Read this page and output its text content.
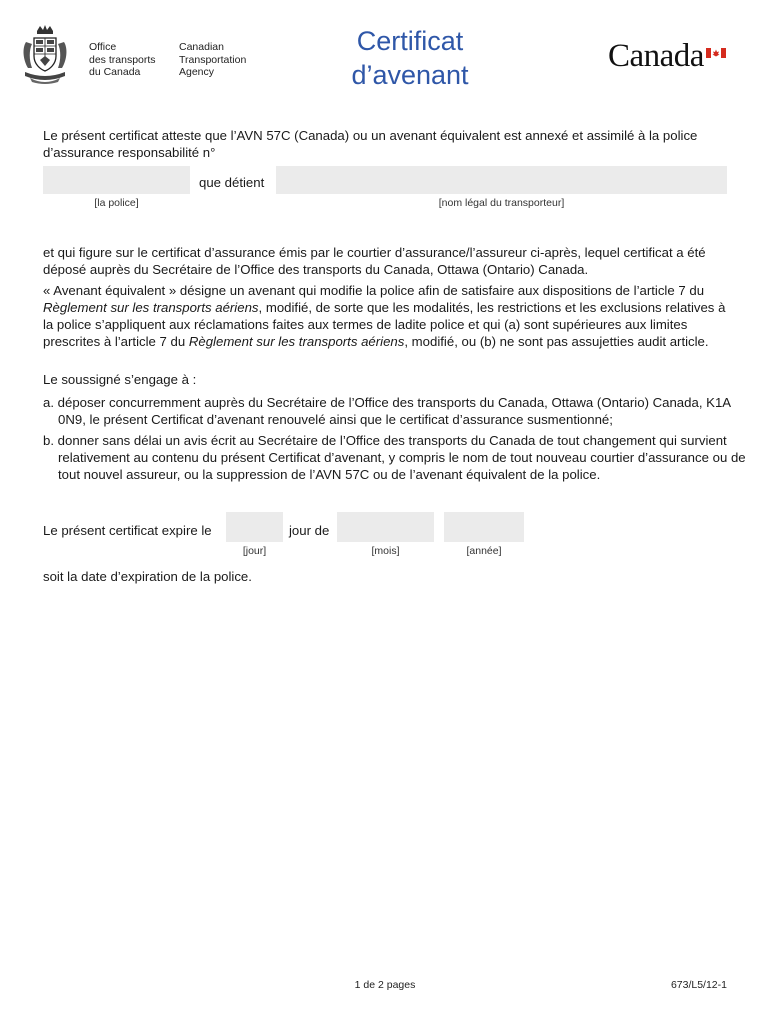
Office
des transports
du Canada
Canadian
Transportation
Agency
Certificat
d’avenant
Canada
Le présent certificat atteste que l’AVN 57C (Canada) ou un avenant équivalent est annexé et assimilé à la police d’assurance responsabilité n°
que détient
[la police]	[nom légal du transporteur]
et qui figure sur le certificat d’assurance émis par le courtier d’assurance/l’assureur ci-après, lequel certificat a été déposé auprès du Secrétaire de l’Office des transports du Canada, Ottawa (Ontario) Canada.
« Avenant équivalent » désigne un avenant qui modifie la police afin de satisfaire aux dispositions de l’article 7 du Règlement sur les transports aériens, modifié, de sorte que les modalités, les restrictions et les exclusions relatives à la police s’appliquent aux réclamations faites aux termes de ladite police et qui (a) sont supérieures aux limites prescrites à l’article 7 du Règlement sur les transports aériens, modifié, ou (b) ne sont pas assujetties audit article.
Le soussigné s’engage à :
a. déposer concurremment auprès du Secrétaire de l’Office des transports du Canada, Ottawa (Ontario) Canada, K1A 0N9, le présent Certificat d’avenant renouvelé ainsi que le certificat d’assurance susmentionné;
b. donner sans délai un avis écrit au Secrétaire de l’Office des transports du Canada de tout changement qui survient relativement au contenu du présent Certificat d’avenant, y compris le nom de tout nouveau courtier d’assurance ou de tout nouvel assureur, ou la suppression de l’AVN 57C ou de l’avenant équivalent de la police.
Le présent certificat expire le	jour de
[jour]	[mois]	[année]
soit la date d’expiration de la police.
1 de 2 pages	673/L5/12-1
